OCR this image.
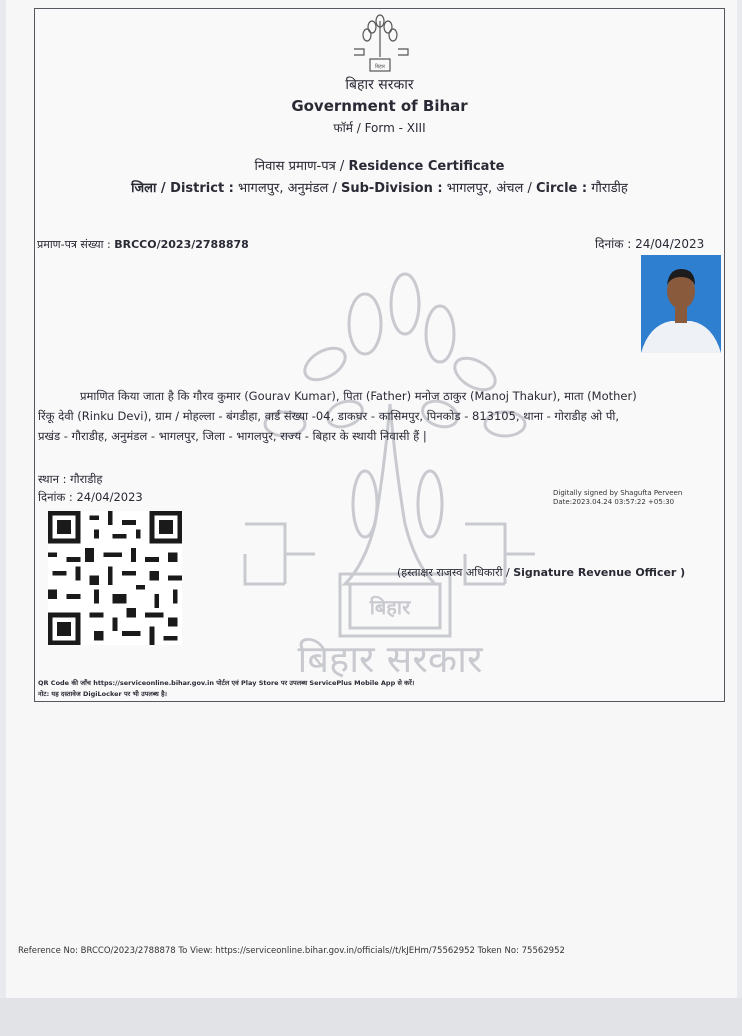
बिहार
बिहार सरकार
बिहार
बिहार सरकार
Government of Bihar
फॉर्म / Form - XIII
निवास प्रमाण-पत्र / Residence Certificate
जिला / District : भागलपुर, अनुमंडल / Sub-Division : भागलपुर, अंचल / Circle : गौराडीह
प्रमाण-पत्र संख्या : BRCCO/2023/2788878	दिनांक : 24/04/2023
प्रमाणित किया जाता है कि गौरव कुमार (Gourav Kumar), पिता (Father) मनोज ठाकुर (Manoj Thakur), माता (Mother)
रिंकू देवी (Rinku Devi), ग्राम / मोहल्ला - बंगडीहा, वार्ड संख्या -04, डाकघर - कासिमपुर, पिनकोड - 813105, थाना - गोराडीह ओ पी,
प्रखंड - गौराडीह, अनुमंडल - भागलपुर, जिला - भागलपुर, राज्य - बिहार के स्थायी निवासी हैं |
स्थान : गौराडीह
दिनांक : 24/04/2023	Digitally signed by Shagufta Perveen
Date:2023.04.24 03:57:22 +05:30
(हस्ताक्षर राजस्व अधिकारी / Signature Revenue Officer )
QR Code की जाँच https://serviceonline.bihar.gov.in पोर्टल एवं Play Store पर उपलब्ध ServicePlus Mobile App से करें।
नोट: यह दस्तावेज DigiLocker पर भी उपलब्ध है।
Reference No: BRCCO/2023/2788878 To View: https://serviceonline.bihar.gov.in/officials//t/kJEHm/75562952 Token No: 75562952
